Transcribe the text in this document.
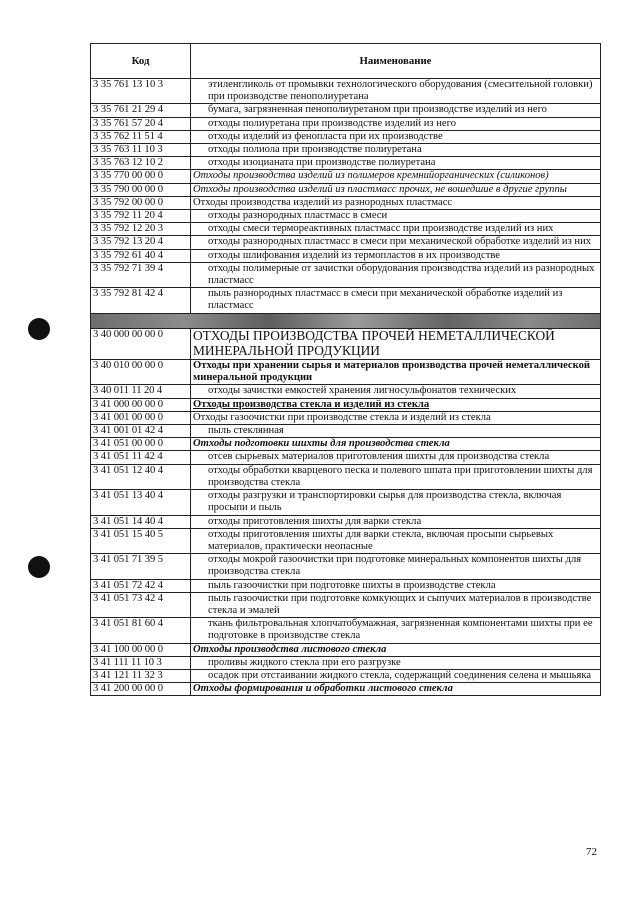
Код	Наименование
3 35 761 13 10 3	этиленгликоль от промывки технологического оборудования (смесительной головки) при производстве пенополиуретана
3 35 761 21 29 4	бумага, загрязненная пенополиуретаном при производстве изделий из него
3 35 761 57 20 4	отходы полиуретана при производстве изделий из него
3 35 762 11 51 4	отходы изделий из фенопласта при их производстве
3 35 763 11 10 3	отходы полиола при производстве полиуретана
3 35 763 12 10 2	отходы изоцианата при производстве полиуретана
3 35 770 00 00 0	Отходы производства изделий из полимеров кремнийорганических (силиконов)
3 35 790 00 00 0	Отходы производства изделий из пластмасс прочих, не вошедшие в другие группы
3 35 792 00 00 0	Отходы производства изделий из разнородных пластмасс
3 35 792 11 20 4	отходы разнородных пластмасс в смеси
3 35 792 12 20 3	отходы смеси термореактивных пластмасс при производстве изделий из них
3 35 792 13 20 4	отходы разнородных пластмасс в смеси при механической обработке изделий из них
3 35 792 61 40 4	отходы шлифования изделий из термопластов в их производстве
3 35 792 71 39 4	отходы полимерные от зачистки оборудования производства изделий из разнородных пластмасс
3 35 792 81 42 4	пыль разнородных пластмасс в смеси при механической обработке изделий из пластмасс

3 40 000 00 00 0	ОТХОДЫ ПРОИЗВОДСТВА ПРОЧЕЙ НЕМЕТАЛЛИЧЕСКОЙ МИНЕРАЛЬНОЙ ПРОДУКЦИИ
3 40 010 00 00 0	Отходы при хранении сырья и материалов производства прочей неметаллической минеральной продукции
3 40 011 11 20 4	отходы зачистки емкостей хранения лигносульфонатов технических
3 41 000 00 00 0	Отходы производства стекла и изделий из стекла
3 41 001 00 00 0	Отходы газоочистки при производстве стекла и изделий из стекла
3 41 001 01 42 4	пыль стеклянная
3 41 051 00 00 0	Отходы подготовки шихты для производства стекла
3 41 051 11 42 4	отсев сырьевых материалов приготовления шихты для производства стекла
3 41 051 12 40 4	отходы обработки кварцевого песка и полевого шпата при приготовлении шихты для производства стекла
3 41 051 13 40 4	отходы разгрузки и транспортировки сырья для производства стекла, включая просыпи и пыль
3 41 051 14 40 4	отходы приготовления шихты для варки стекла
3 41 051 15 40 5	отходы приготовления шихты для варки стекла, включая просыпи сырьевых материалов, практически неопасные
3 41 051 71 39 5	отходы мокрой газоочистки при подготовке минеральных компонентов шихты для производства стекла
3 41 051 72 42 4	пыль газоочистки при подготовке шихты в производстве стекла
3 41 051 73 42 4	пыль газоочистки при подготовке комкующих и сыпучих материалов в производстве стекла и эмалей
3 41 051 81 60 4	ткань фильтровальная хлопчатобумажная, загрязненная компонентами шихты при ее подготовке в производстве стекла
3 41 100 00 00 0	Отходы производства листового стекла
3 41 111 11 10 3	проливы жидкого стекла при его разгрузке
3 41 121 11 32 3	осадок при отстаивании жидкого стекла, содержащий соединения селена и мышьяка
3 41 200 00 00 0	Отходы формирования и обработки листового стекла
72
